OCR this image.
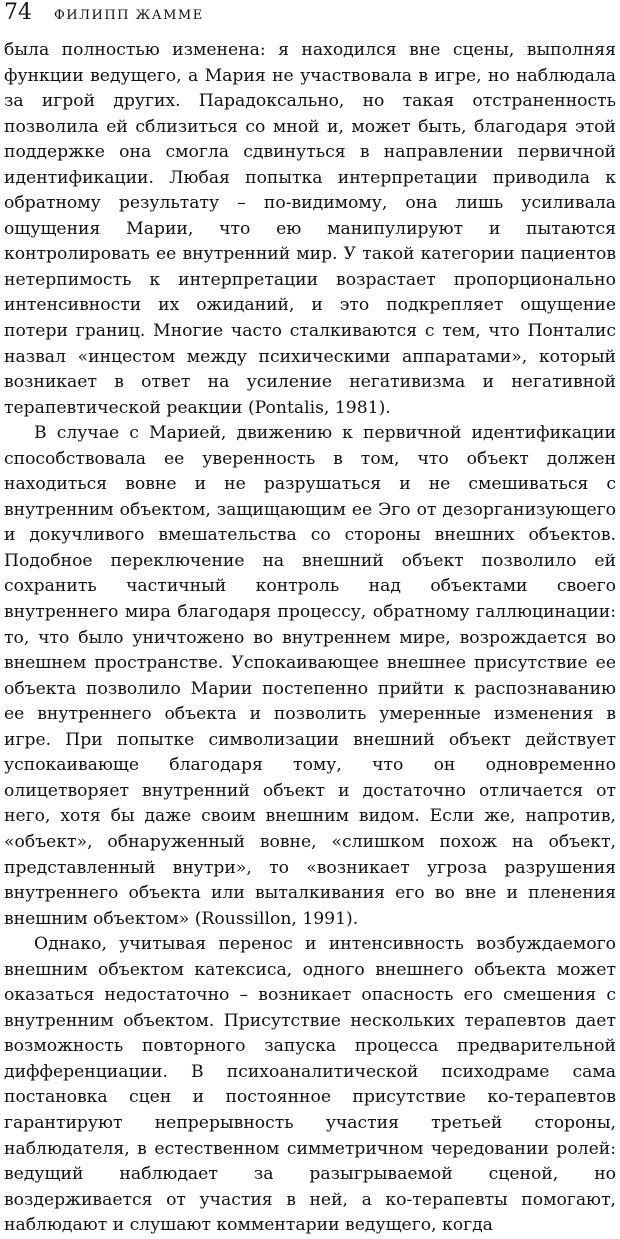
74 ФИЛИПП ЖАММЕ

была полностью изменена: я находился вне сцены, выполняя функции ведущего, а Мария не участвовала в игре, но наблюдала за игрой других. Парадоксально, но такая отстраненность позволила ей сблизиться со мной и, может быть, благодаря этой поддержке она смогла сдвинуться в направлении первичной идентификации. Любая попытка интерпретации приводила к обратному результату – по-видимому, она лишь усиливала ощущения Марии, что ею манипулируют и пытаются контролировать ее внутренний мир. У такой категории пациентов нетерпимость к интерпретации возрастает пропорционально интенсивности их ожиданий, и это подкрепляет ощущение потери границ. Многие часто сталкиваются с тем, что Понталис назвал «инцестом между психическими аппаратами», который возникает в ответ на усиление негативизма и негативной терапевтической реакции (Pontalis, 1981).

В случае с Марией, движению к первичной идентификации способствовала ее уверенность в том, что объект должен находиться вовне и не разрушаться и не смешиваться с внутренним объектом, защищающим ее Эго от дезорганизующего и докучливого вмешательства со стороны внешних объектов. Подобное переключение на внешний объект позволило ей сохранить частичный контроль над объектами своего внутреннего мира благодаря процессу, обратному галлюцинации: то, что было уничтожено во внутреннем мире, возрождается во внешнем пространстве. Успокаивающее внешнее присутствие ее объекта позволило Марии постепенно прийти к распознаванию ее внутреннего объекта и позволить умеренные изменения в игре. При попытке символизации внешний объект действует успокаивающе благодаря тому, что он одновременно олицетворяет внутренний объект и достаточно отличается от него, хотя бы даже своим внешним видом. Если же, напротив, «объект», обнаруженный вовне, «слишком похож на объект, представленный внутри», то «возникает угроза разрушения внутреннего объекта или выталкивания его во вне и пленения внешним объектом» (Roussillon, 1991).

Однако, учитывая перенос и интенсивность возбуждаемого внешним объектом катексиса, одного внешнего объекта может оказаться недостаточно – возникает опасность его смешения с внутренним объектом. Присутствие нескольких терапевтов дает возможность повторного запуска процесса предварительной дифференциации. В психоаналитической психодраме сама постановка сцен и постоянное присутствие ко-терапевтов гарантируют непрерывность участия третьей стороны, наблюдателя, в естественном симметричном чередовании ролей: ведущий наблюдает за разыгрываемой сценой, но воздерживается от участия в ней, а ко-терапевты помогают, наблюдают и слушают комментарии ведущего, когда
